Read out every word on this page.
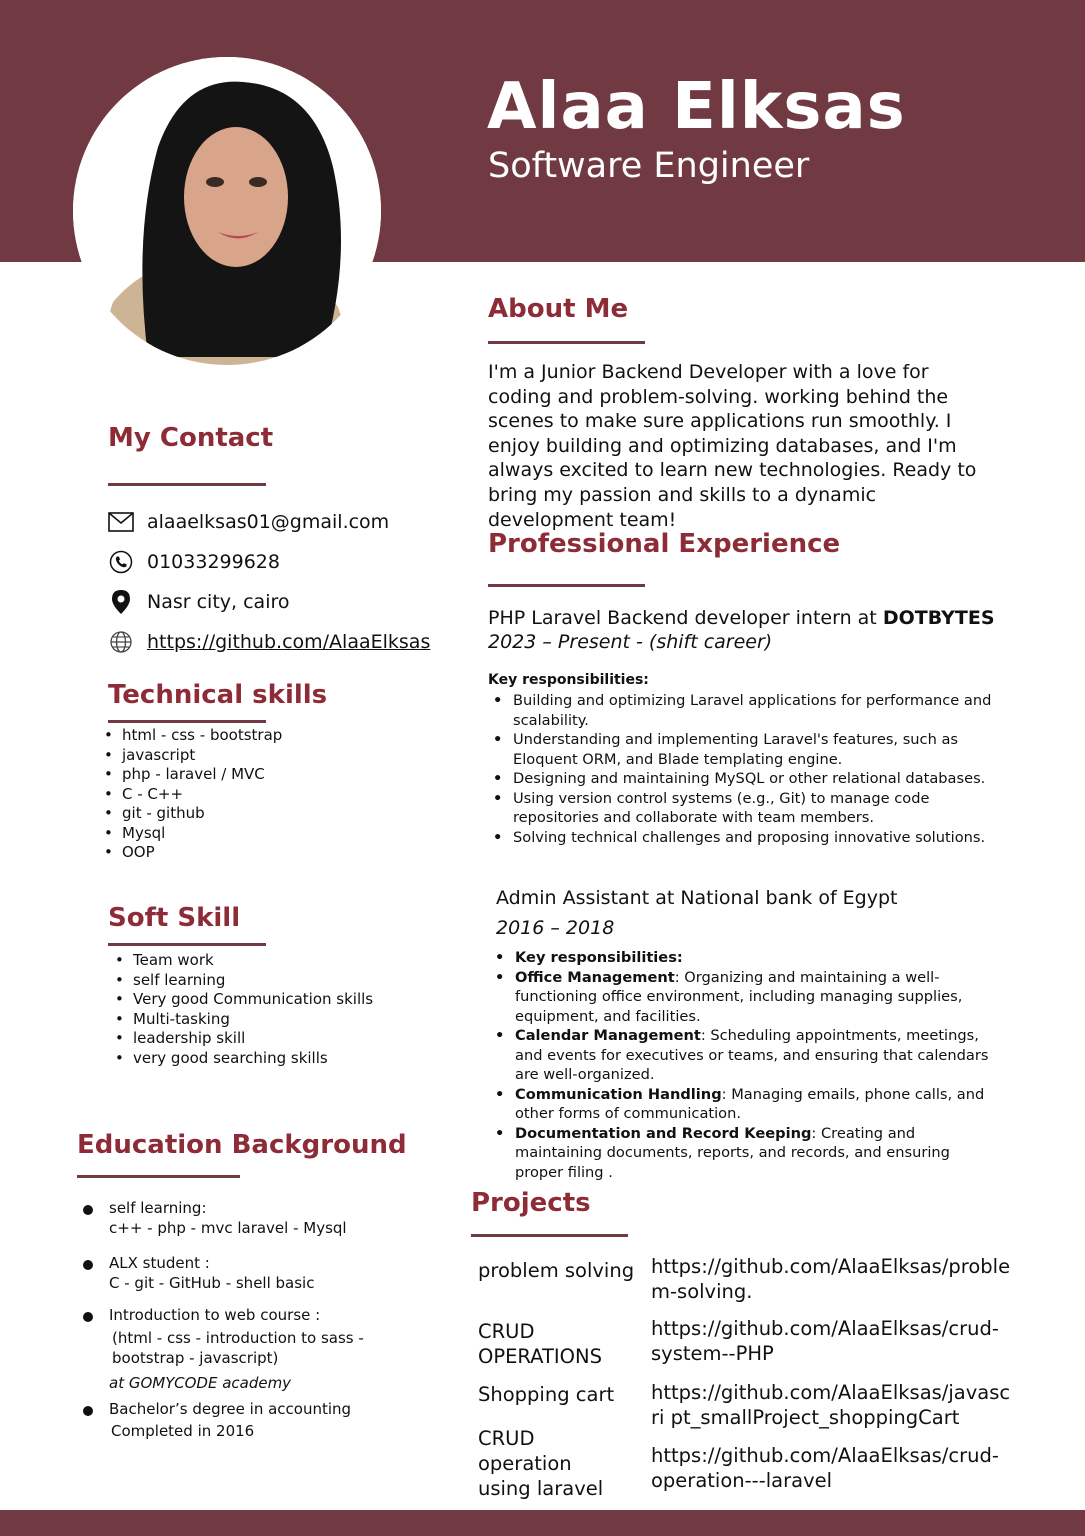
Alaa Elksas
Software Engineer
About Me
I'm a Junior Backend Developer with a love for coding and problem-solving. working behind the scenes to make sure applications run smoothly. I enjoy building and optimizing databases, and I'm always excited to learn new technologies. Ready to bring my passion and skills to a dynamic development team!
My Contact
alaaelksas01@gmail.com
01033299628
Nasr city, cairo
https://github.com/AlaaElksas
Technical skills
• html - css - bootstrap
• javascript
• php - laravel / MVC
• C - C++
• git - github
• Mysql
• OOP
Soft Skill
• Team work
• self learning
• Very good Communication skills
• Multi-tasking
• leadership skill
• very good searching skills
Education Background
self learning:
c++ - php - mvc laravel - Mysql
ALX student :
C - git - GitHub - shell basic
Introduction to web course :
(html - css - introduction to sass -
bootstrap - javascript)
at GOMYCODE academy
Bachelor’s degree in accounting
Completed in 2016
Professional Experience
PHP Laravel Backend developer intern at DOTBYTES
2023 – Present - (shift career)
Key responsibilities:
• Building and optimizing Laravel applications for performance and scalability.
• Understanding and implementing Laravel's features, such as Eloquent ORM, and Blade templating engine.
• Designing and maintaining MySQL or other relational databases.
• Using version control systems (e.g., Git) to manage code repositories and collaborate with team members.
• Solving technical challenges and proposing innovative solutions.
Admin Assistant at National bank of Egypt
2016 – 2018
• Key responsibilities:
• Office Management: Organizing and maintaining a well-functioning office environment, including managing supplies, equipment, and facilities.
• Calendar Management: Scheduling appointments, meetings, and events for executives or teams, and ensuring that calendars are well-organized.
• Communication Handling: Managing emails, phone calls, and other forms of communication.
• Documentation and Record Keeping: Creating and maintaining documents, reports, and records, and ensuring proper filing .
Projects
problem solving https://github.com/AlaaElksas/proble m-solving.
CRUD OPERATIONS
https://github.com/AlaaElksas/crud-system--PHP
Shopping cart	https://github.com/AlaaElksas/javascri pt_smallProject_shoppingCart
CRUD operation using laravel
https://github.com/AlaaElksas/crud-operation---laravel
